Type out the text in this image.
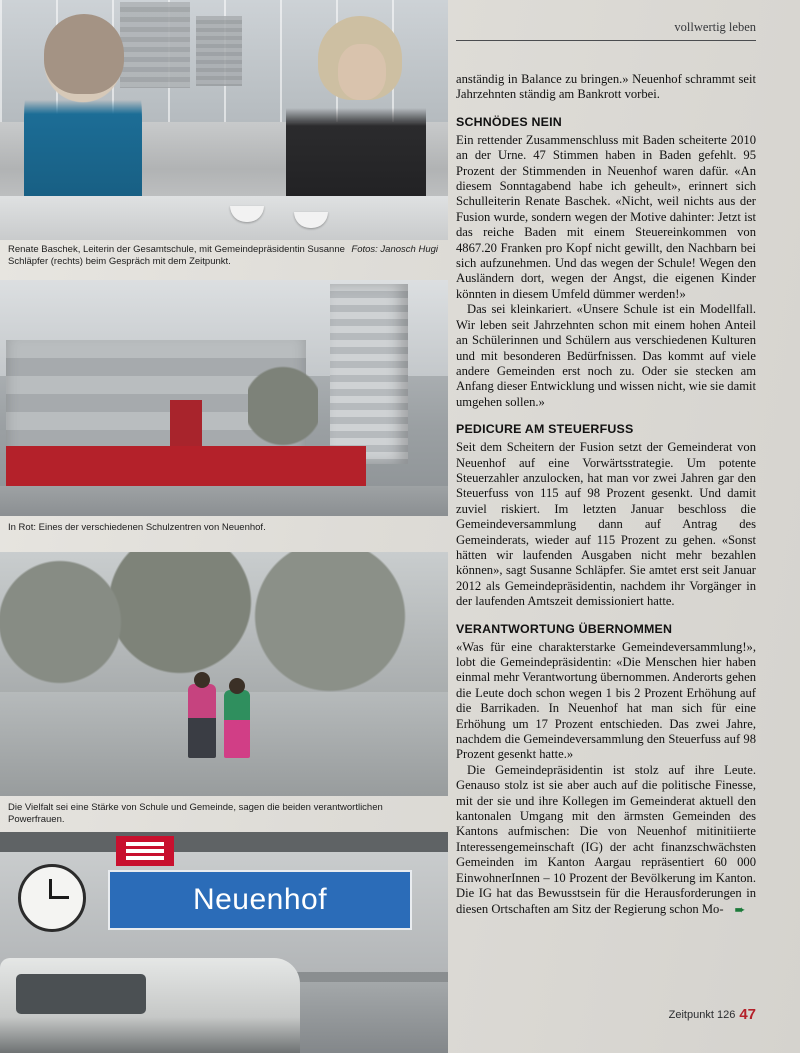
Fotos: Janosch Hugi
Renate Baschek, Leiterin der Gesamtschule, mit Gemeindepräsidentin Susanne Schläpfer (rechts) beim Gespräch mit dem Zeitpunkt.
In Rot: Eines der verschiedenen Schulzentren von Neuenhof.
Die Vielfalt sei eine Stärke von Schule und Gemeinde, sagen die beiden verantwortlichen Powerfrauen.
Neuenhof
vollwertig leben

anständig in Balance zu bringen.» Neuenhof schrammt seit Jahrzehnten ständig am Bankrott vorbei.

SCHNÖDES NEIN

Ein rettender Zusammenschluss mit Baden scheiterte 2010 an der Urne. 47 Stimmen haben in Baden gefehlt. 95 Prozent der Stimmenden in Neuenhof waren dafür. «An diesem Sonntagabend habe ich geheult», erinnert sich Schulleiterin Renate Baschek. «Nicht, weil nichts aus der Fusion wurde, sondern wegen der Motive dahinter: Jetzt ist das reiche Baden mit einem Steuereinkommen von 4867.20 Franken pro Kopf nicht gewillt, den Nachbarn bei sich aufzunehmen. Und das wegen der Schule! Wegen den Ausländern dort, wegen der Angst, die eigenen Kinder könnten in diesem Umfeld dümmer werden!»

Das sei kleinkariert. «Unsere Schule ist ein Modellfall. Wir leben seit Jahrzehnten schon mit einem hohen Anteil an Schülerinnen und Schülern aus verschiedenen Kulturen und mit besonderen Bedürfnissen. Das kommt auf viele andere Gemeinden erst noch zu. Oder sie stecken am Anfang dieser Entwicklung und wissen nicht, wie sie damit umgehen sollen.»

PEDICURE AM STEUERFUSS

Seit dem Scheitern der Fusion setzt der Gemeinderat von Neuenhof auf eine Vorwärtsstrategie. Um potente Steuerzahler anzulocken, hat man vor zwei Jahren gar den Steuerfuss von 115 auf 98 Prozent gesenkt. Und damit zuviel riskiert. Im letzten Januar beschloss die Gemeindeversammlung dann auf Antrag des Gemeinderats, wieder auf 115 Prozent zu gehen. «Sonst hätten wir laufenden Ausgaben nicht mehr bezahlen können», sagt Susanne Schläpfer. Sie amtet erst seit Januar 2012 als Gemeindepräsidentin, nachdem ihr Vorgänger in der laufenden Amtszeit demissioniert hatte.

VERANTWORTUNG ÜBERNOMMEN

«Was für eine charakterstarke Gemeindeversammlung!», lobt die Gemeindepräsidentin: «Die Menschen hier haben einmal mehr Verantwortung übernommen. Anderorts gehen die Leute doch schon wegen 1 bis 2 Prozent Erhöhung auf die Barrikaden. In Neuenhof hat man sich für eine Erhöhung um 17 Prozent entschieden. Das zwei Jahre, nachdem die Gemeindeversammlung den Steuerfuss auf 98 Prozent gesenkt hatte.»

Die Gemeindepräsidentin ist stolz auf ihre Leute. Genauso stolz ist sie aber auch auf die politische Finesse, mit der sie und ihre Kollegen im Gemeinderat aktuell den kantonalen Umgang mit den ärmsten Gemeinden des Kantons aufmischen: Die von Neuenhof mitinitiierte Interessengemeinschaft (IG) der acht finanzschwächsten Gemeinden im Kanton Aargau repräsentiert 60 000 EinwohnerInnen – 10 Prozent der Bevölkerung im Kanton. Die IG hat das Bewusstsein für die Herausforderungen in diesen Ortschaften am Sitz der Regierung schon Mo- ➨

Zeitpunkt 126 47
